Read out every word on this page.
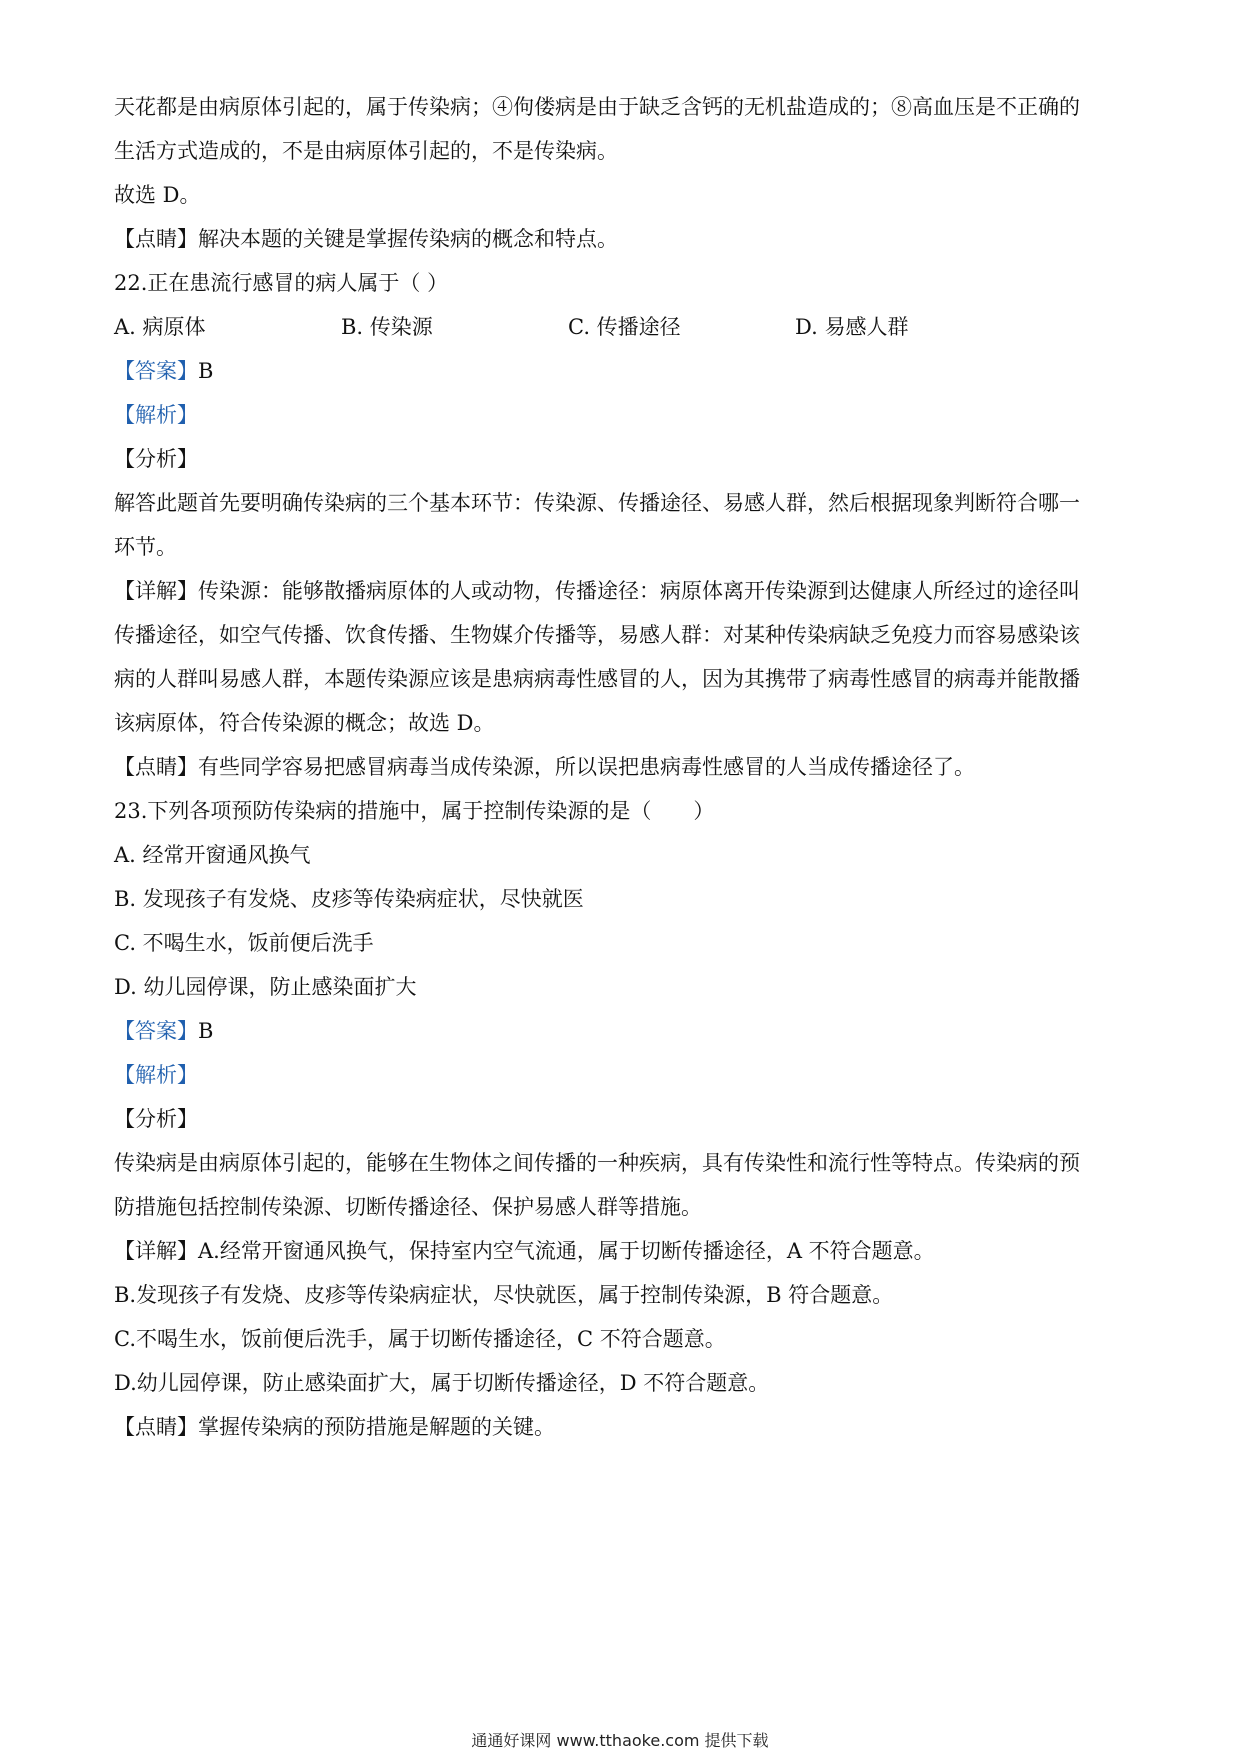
天花都是由病原体引起的，属于传染病；④佝偻病是由于缺乏含钙的无机盐造成的；⑧高血压是不正确的
生活方式造成的，不是由病原体引起的，不是传染病。
故选 D。
【点睛】解决本题的关键是掌握传染病的概念和特点。
22.正在患流行感冒的病人属于（ ）
A. 病原体	B. 传染源	C. 传播途径	D. 易感人群
【答案】B
【解析】
【分析】
解答此题首先要明确传染病的三个基本环节：传染源、传播途径、易感人群，然后根据现象判断符合哪一
环节。
【详解】传染源：能够散播病原体的人或动物，传播途径：病原体离开传染源到达健康人所经过的途径叫
传播途径，如空气传播、饮食传播、生物媒介传播等，易感人群：对某种传染病缺乏免疫力而容易感染该
病的人群叫易感人群，本题传染源应该是患病病毒性感冒的人，因为其携带了病毒性感冒的病毒并能散播
该病原体，符合传染源的概念；故选 D。
【点睛】有些同学容易把感冒病毒当成传染源，所以误把患病毒性感冒的人当成传播途径了。
23.下列各项预防传染病的措施中，属于控制传染源的是（　　）
A. 经常开窗通风换气
B. 发现孩子有发烧、皮疹等传染病症状，尽快就医
C. 不喝生水，饭前便后洗手
D. 幼儿园停课，防止感染面扩大
【答案】B
【解析】
【分析】
传染病是由病原体引起的，能够在生物体之间传播的一种疾病，具有传染性和流行性等特点。传染病的预
防措施包括控制传染源、切断传播途径、保护易感人群等措施。
【详解】A.经常开窗通风换气，保持室内空气流通，属于切断传播途径，A 不符合题意。
B.发现孩子有发烧、皮疹等传染病症状，尽快就医，属于控制传染源，B 符合题意。
C.不喝生水，饭前便后洗手，属于切断传播途径，C 不符合题意。
D.幼儿园停课，防止感染面扩大，属于切断传播途径，D 不符合题意。
【点睛】掌握传染病的预防措施是解题的关键。
通通好课网 www.tthaoke.com 提供下载
